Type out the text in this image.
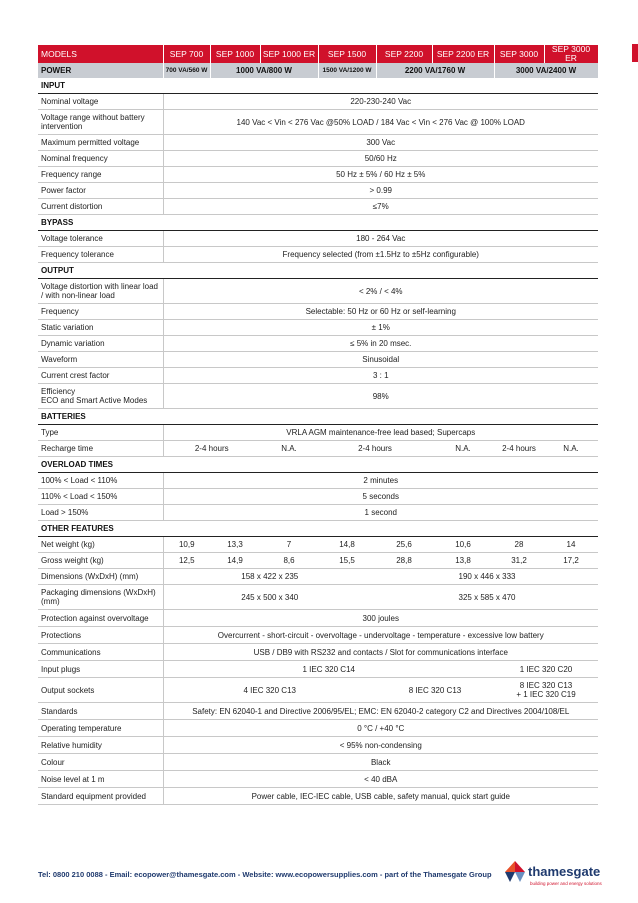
MODELS	SEP 700	SEP 1000	SEP 1000 ER	SEP 1500	SEP 2200	SEP 2200 ER	SEP 3000	SEP 3000 ER
POWER	700 VA/560 W	1000 VA/800 W		1500 VA/1200 W	2200 VA/1760 W		3000 VA/2400 W	
INPUT								
Nominal voltage	220-230-240 Vac							
Voltage range without battery intervention	140 Vac < Vin < 276 Vac @50% LOAD / 184 Vac < Vin < 276 Vac @ 100% LOAD							
Maximum permitted voltage	300 Vac							
Nominal frequency	50/60 Hz							
Frequency range	50 Hz ± 5% / 60 Hz ± 5%							
Power factor	> 0.99							
Current distortion	≤7%							
BYPASS								
Voltage tolerance	180 - 264 Vac							
Frequency tolerance	Frequency selected (from ±1.5Hz to ±5Hz configurable)							
OUTPUT								
Voltage distortion with linear load / with non-linear load	< 2% / < 4%							
Frequency	Selectable: 50 Hz or 60 Hz or self-learning							
Static variation	± 1%							
Dynamic variation	≤ 5% in 20 msec.							
Waveform	Sinusoidal							
Current crest factor	3 : 1							
Efficiency
ECO and Smart Active Modes	98%							
BATTERIES								
Type	VRLA AGM maintenance-free lead based; Supercaps							
Recharge time	2-4 hours		N.A.	2-4 hours		N.A.	2-4 hours	N.A.
OVERLOAD TIMES								
100% < Load < 110%	2 minutes							
110% < Load < 150%	5 seconds							
Load > 150%	1 second							
OTHER FEATURES								
Net weight (kg)	10,9	13,3	7	14,8	25,6	10,6	28	14
Gross weight (kg)	12,5	14,9	8,6	15,5	28,8	13,8	31,2	17,2
Dimensions (WxDxH) (mm)	158 x 422 x 235				190 x 446 x 333			
Packaging dimensions (WxDxH) (mm)	245 x 500 x 340				325 x 585 x 470			
Protection against overvoltage	300 joules							
Protections	Overcurrent - short-circuit - overvoltage - undervoltage - temperature - excessive low battery							
Communications	USB / DB9 with RS232 and contacts / Slot for communications interface							
Input plugs	1 IEC 320 C14						1 IEC 320 C20	
Output sockets	4 IEC 320 C13				8 IEC 320 C13		8 IEC 320 C13
+ 1 IEC 320 C19	
Standards	Safety: EN 62040-1 and Directive 2006/95/EL; EMC: EN 62040-2 category C2 and Directives 2004/108/EL							
Operating temperature	0 °C / +40 °C							
Relative humidity	< 95% non-condensing							
Colour	Black							
Noise level at 1 m	< 40 dBA							
Standard equipment provided	Power cable, IEC-IEC cable, USB cable, safety manual, quick start guide							
Tel: 0800 210 0088 - Email: ecopower@thamesgate.com - Website: www.ecopowersupplies.com - part of the Thamesgate Group	thamesgate
building power and energy solutions
